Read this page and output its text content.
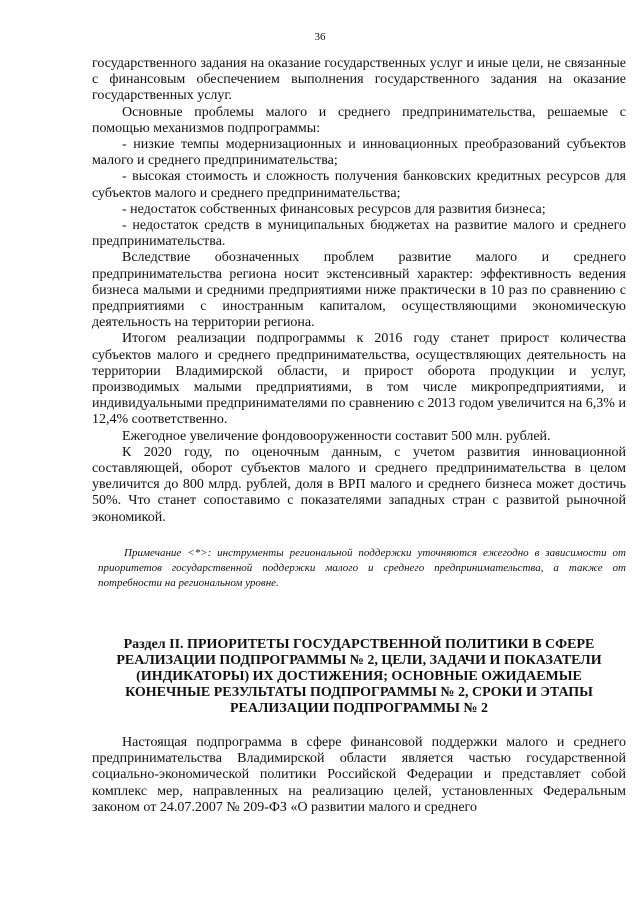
36

государственного задания на оказание государственных услуг и иные цели, не связанные с финансовым обеспечением выполнения государственного задания на оказание государственных услуг.

Основные проблемы малого и среднего предпринимательства, решаемые с помощью механизмов подпрограммы:

- низкие темпы модернизационных и инновационных преобразований субъектов малого и среднего предпринимательства;

- высокая стоимость и сложность получения банковских кредитных ресурсов для субъектов малого и среднего предпринимательства;

- недостаток собственных финансовых ресурсов для развития бизнеса;

- недостаток средств в муниципальных бюджетах на развитие малого и среднего предпринимательства.

Вследствие обозначенных проблем развитие малого и среднего предпринимательства региона носит экстенсивный характер: эффективность ведения бизнеса малыми и средними предприятиями ниже практически в 10 раз по сравнению с предприятиями с иностранным капиталом, осуществляющими экономическую деятельность на территории региона.

Итогом реализации подпрограммы к 2016 году станет прирост количества субъектов малого и среднего предпринимательства, осуществляющих деятельность на территории Владимирской области, и прирост оборота продукции и услуг, производимых малыми предприятиями, в том числе микропредприятиями, и индивидуальными предпринимателями по сравнению с 2013 годом увеличится на 6,3% и 12,4% соответственно.

Ежегодное увеличение фондовооруженности составит 500 млн. рублей.

К 2020 году, по оценочным данным, с учетом развития инновационной составляющей, оборот субъектов малого и среднего предпринимательства в целом увеличится до 800 млрд. рублей, доля в ВРП малого и среднего бизнеса может достичь 50%. Что станет сопоставимо с показателями западных стран с развитой рыночной экономикой.

Примечание <*>: инструменты региональной поддержки уточняются ежегодно в зависимости от приоритетов государственной поддержки малого и среднего предпринимательства, а также от потребности на региональном уровне.

Раздел II. ПРИОРИТЕТЫ ГОСУДАРСТВЕННОЙ ПОЛИТИКИ В СФЕРЕ РЕАЛИЗАЦИИ ПОДПРОГРАММЫ № 2, ЦЕЛИ, ЗАДАЧИ И ПОКАЗАТЕЛИ (ИНДИКАТОРЫ) ИХ ДОСТИЖЕНИЯ; ОСНОВНЫЕ ОЖИДАЕМЫЕ КОНЕЧНЫЕ РЕЗУЛЬТАТЫ ПОДПРОГРАММЫ № 2, СРОКИ И ЭТАПЫ РЕАЛИЗАЦИИ ПОДПРОГРАММЫ № 2

Настоящая подпрограмма в сфере финансовой поддержки малого и среднего предпринимательства Владимирской области является частью государственной социально-экономической политики Российской Федерации и представляет собой комплекс мер, направленных на реализацию целей, установленных Федеральным законом от 24.07.2007 № 209-ФЗ «О развитии малого и среднего
